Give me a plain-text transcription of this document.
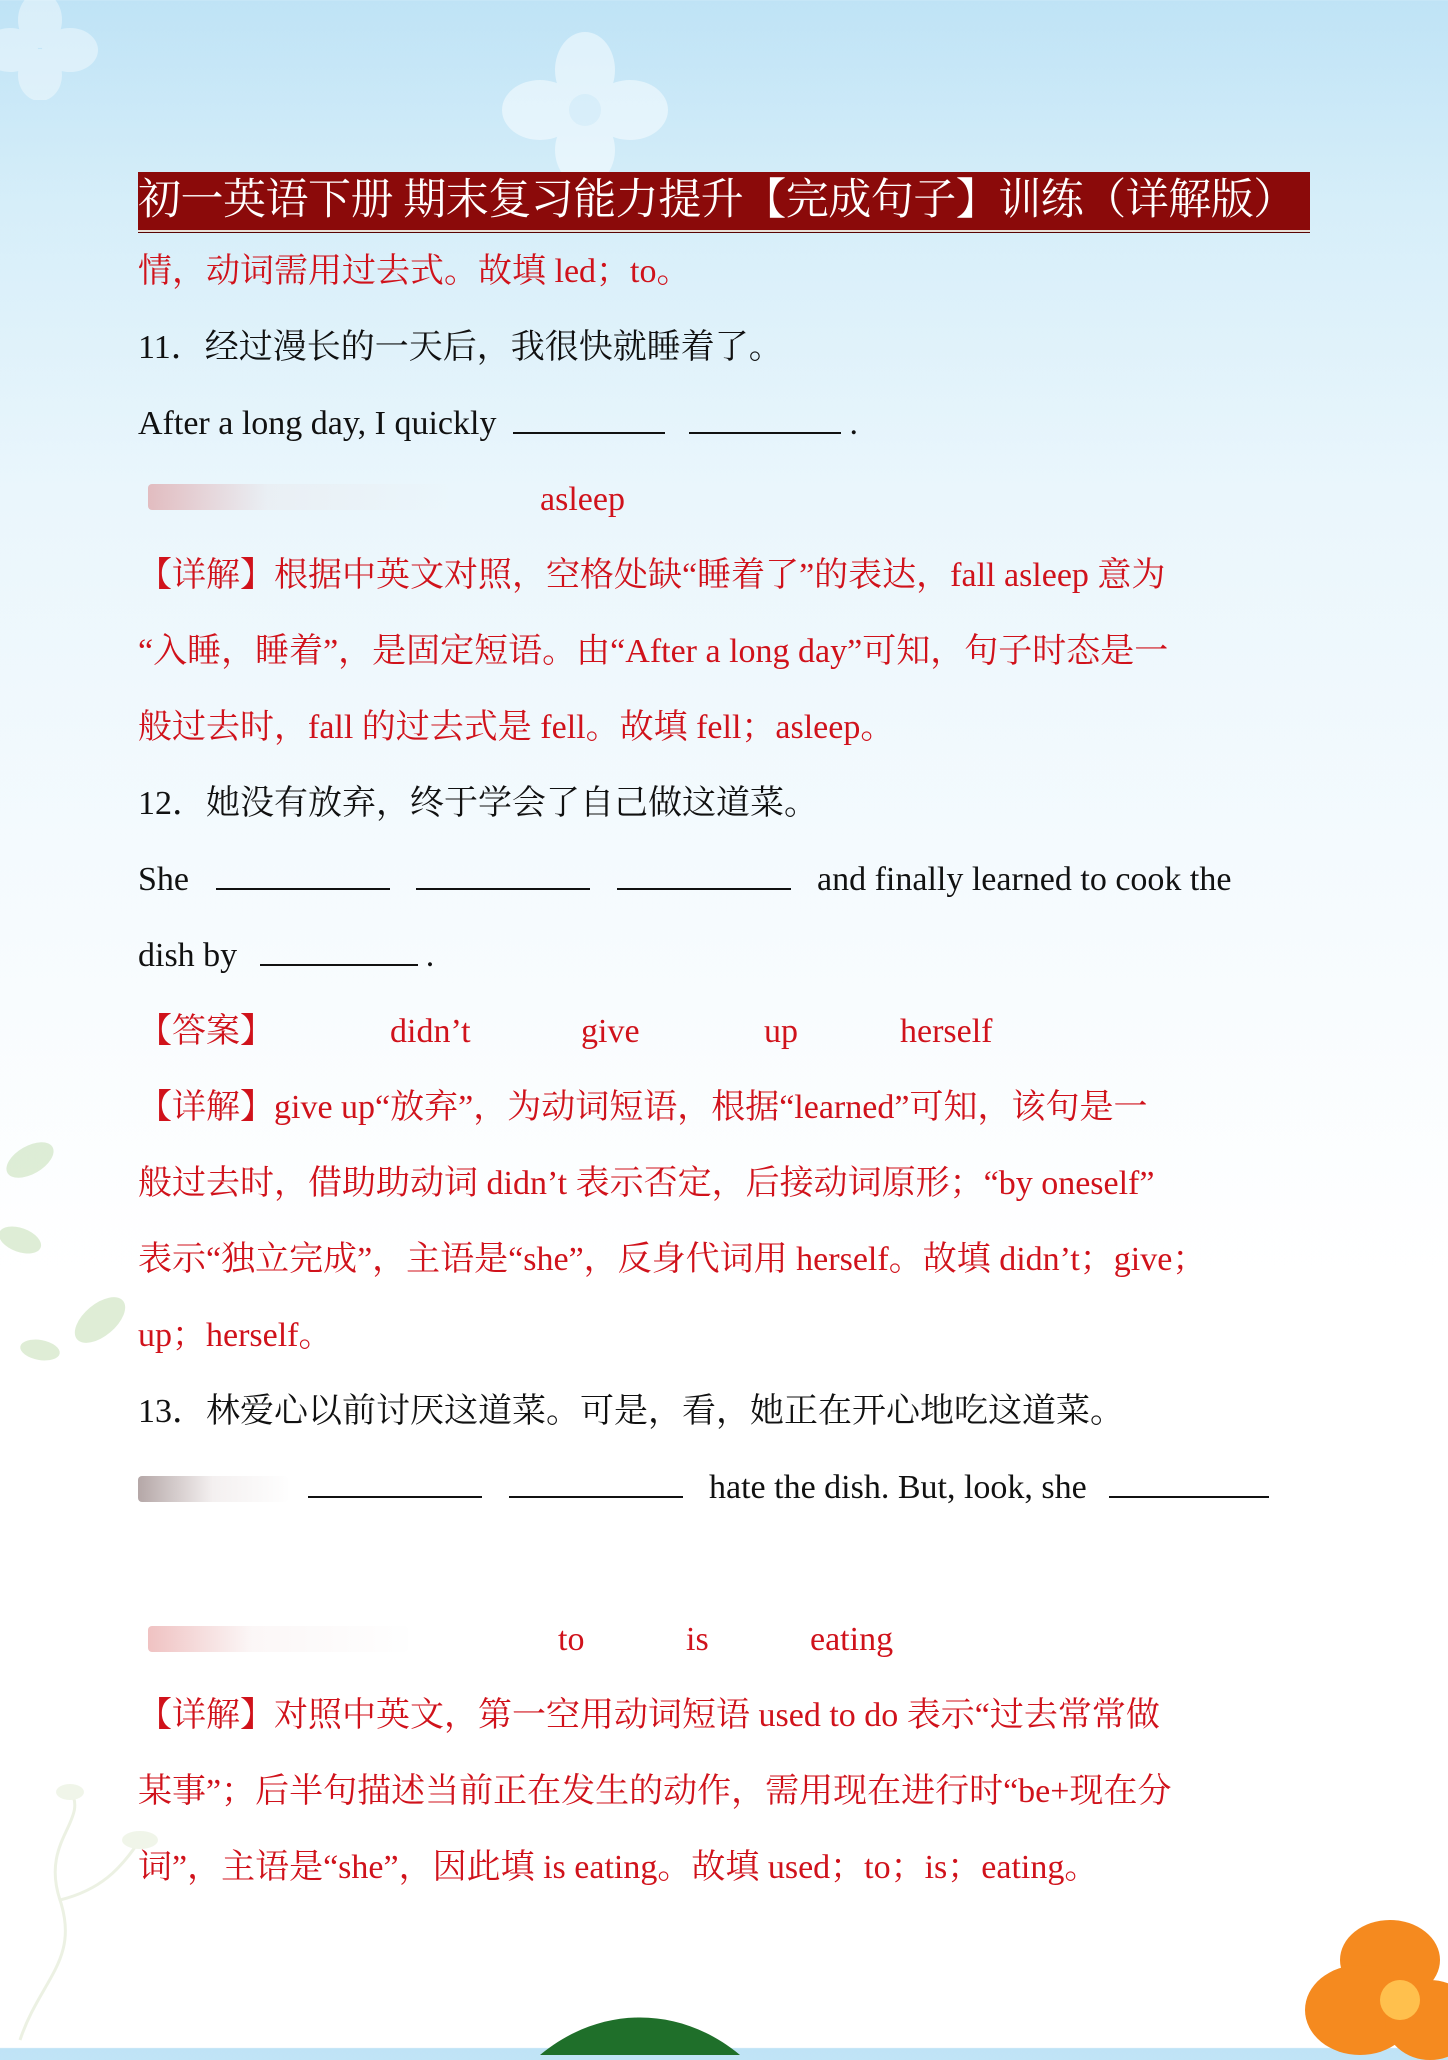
初一英语下册 期末复习能力提升【完成句子】训练（详解版）
情，动词需用过去式。故填 led；to。
11．经过漫长的一天后，我很快就睡着了。
After a long day, I quickly	.
asleep
【详解】根据中英文对照，空格处缺“睡着了”的表达，fall asleep 意为
“入睡，睡着”，是固定短语。由“After a long day”可知，句子时态是一
般过去时，fall 的过去式是 fell。故填 fell；asleep。
12．她没有放弃，终于学会了自己做这道菜。
She	and finally learned to cook the
dish by	.
【答案】	didn’t	give	up	herself
【详解】give up“放弃”，为动词短语，根据“learned”可知，该句是一
般过去时，借助助动词 didn’t 表示否定，后接动词原形；“by oneself”
表示“独立完成”，主语是“she”，反身代词用 herself。故填 didn’t；give；
up；herself。
13．林爱心以前讨厌这道菜。可是，看，她正在开心地吃这道菜。
hate the dish. But, look, she
to	is	eating
【详解】对照中英文，第一空用动词短语 used to do 表示“过去常常做
某事”；后半句描述当前正在发生的动作，需用现在进行时“be+现在分
词”，主语是“she”，因此填 is eating。故填 used；to；is；eating。
